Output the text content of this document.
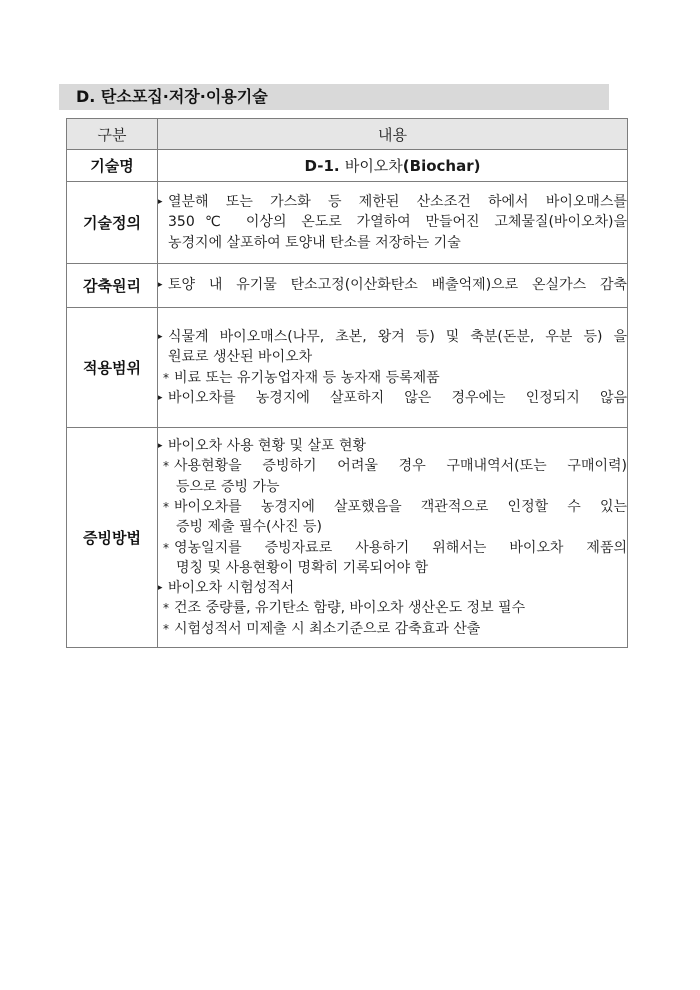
D. 탄소포집·저장·이용기술
구분	내용
기술명	D-1. 바이오차(Biochar)
기술정의	▸ 열분해 또는 가스화 등 제한된 산소조건 하에서 바이오매스를
350℃ 이상의 온도로 가열하여 만들어진 고체물질(바이오차)을
농경지에 살포하여 토양내 탄소를 저장하는 기술

감축원리	▸ 토양 내 유기물 탄소고정(이산화탄소 배출억제)으로 온실가스 감축

적용범위	
▸ 식물계 바이오매스(나무, 초본, 왕겨 등) 및 축분(돈분, 우분 등) 을
원료로 생산된 바이오차
* 비료 또는 유기농업자재 등 농자재 등록제품
▸ 바이오차를 농경지에 살포하지 않은 경우에는 인정되지 않음

증빙방법	
▸ 바이오차 사용 현황 및 살포 현황
* 사용현황을 증빙하기 어려울 경우 구매내역서(또는 구매이력)
등으로 증빙 가능
* 바이오차를 농경지에 살포했음을 객관적으로 인정할 수 있는
증빙 제출 필수(사진 등)
* 영농일지를 증빙자료로 사용하기 위해서는 바이오차 제품의
명칭 및 사용현황이 명확히 기록되어야 함
▸ 바이오차 시험성적서
* 건조 중량률, 유기탄소 함량, 바이오차 생산온도 정보 필수
* 시험성적서 미제출 시 최소기준으로 감축효과 산출
